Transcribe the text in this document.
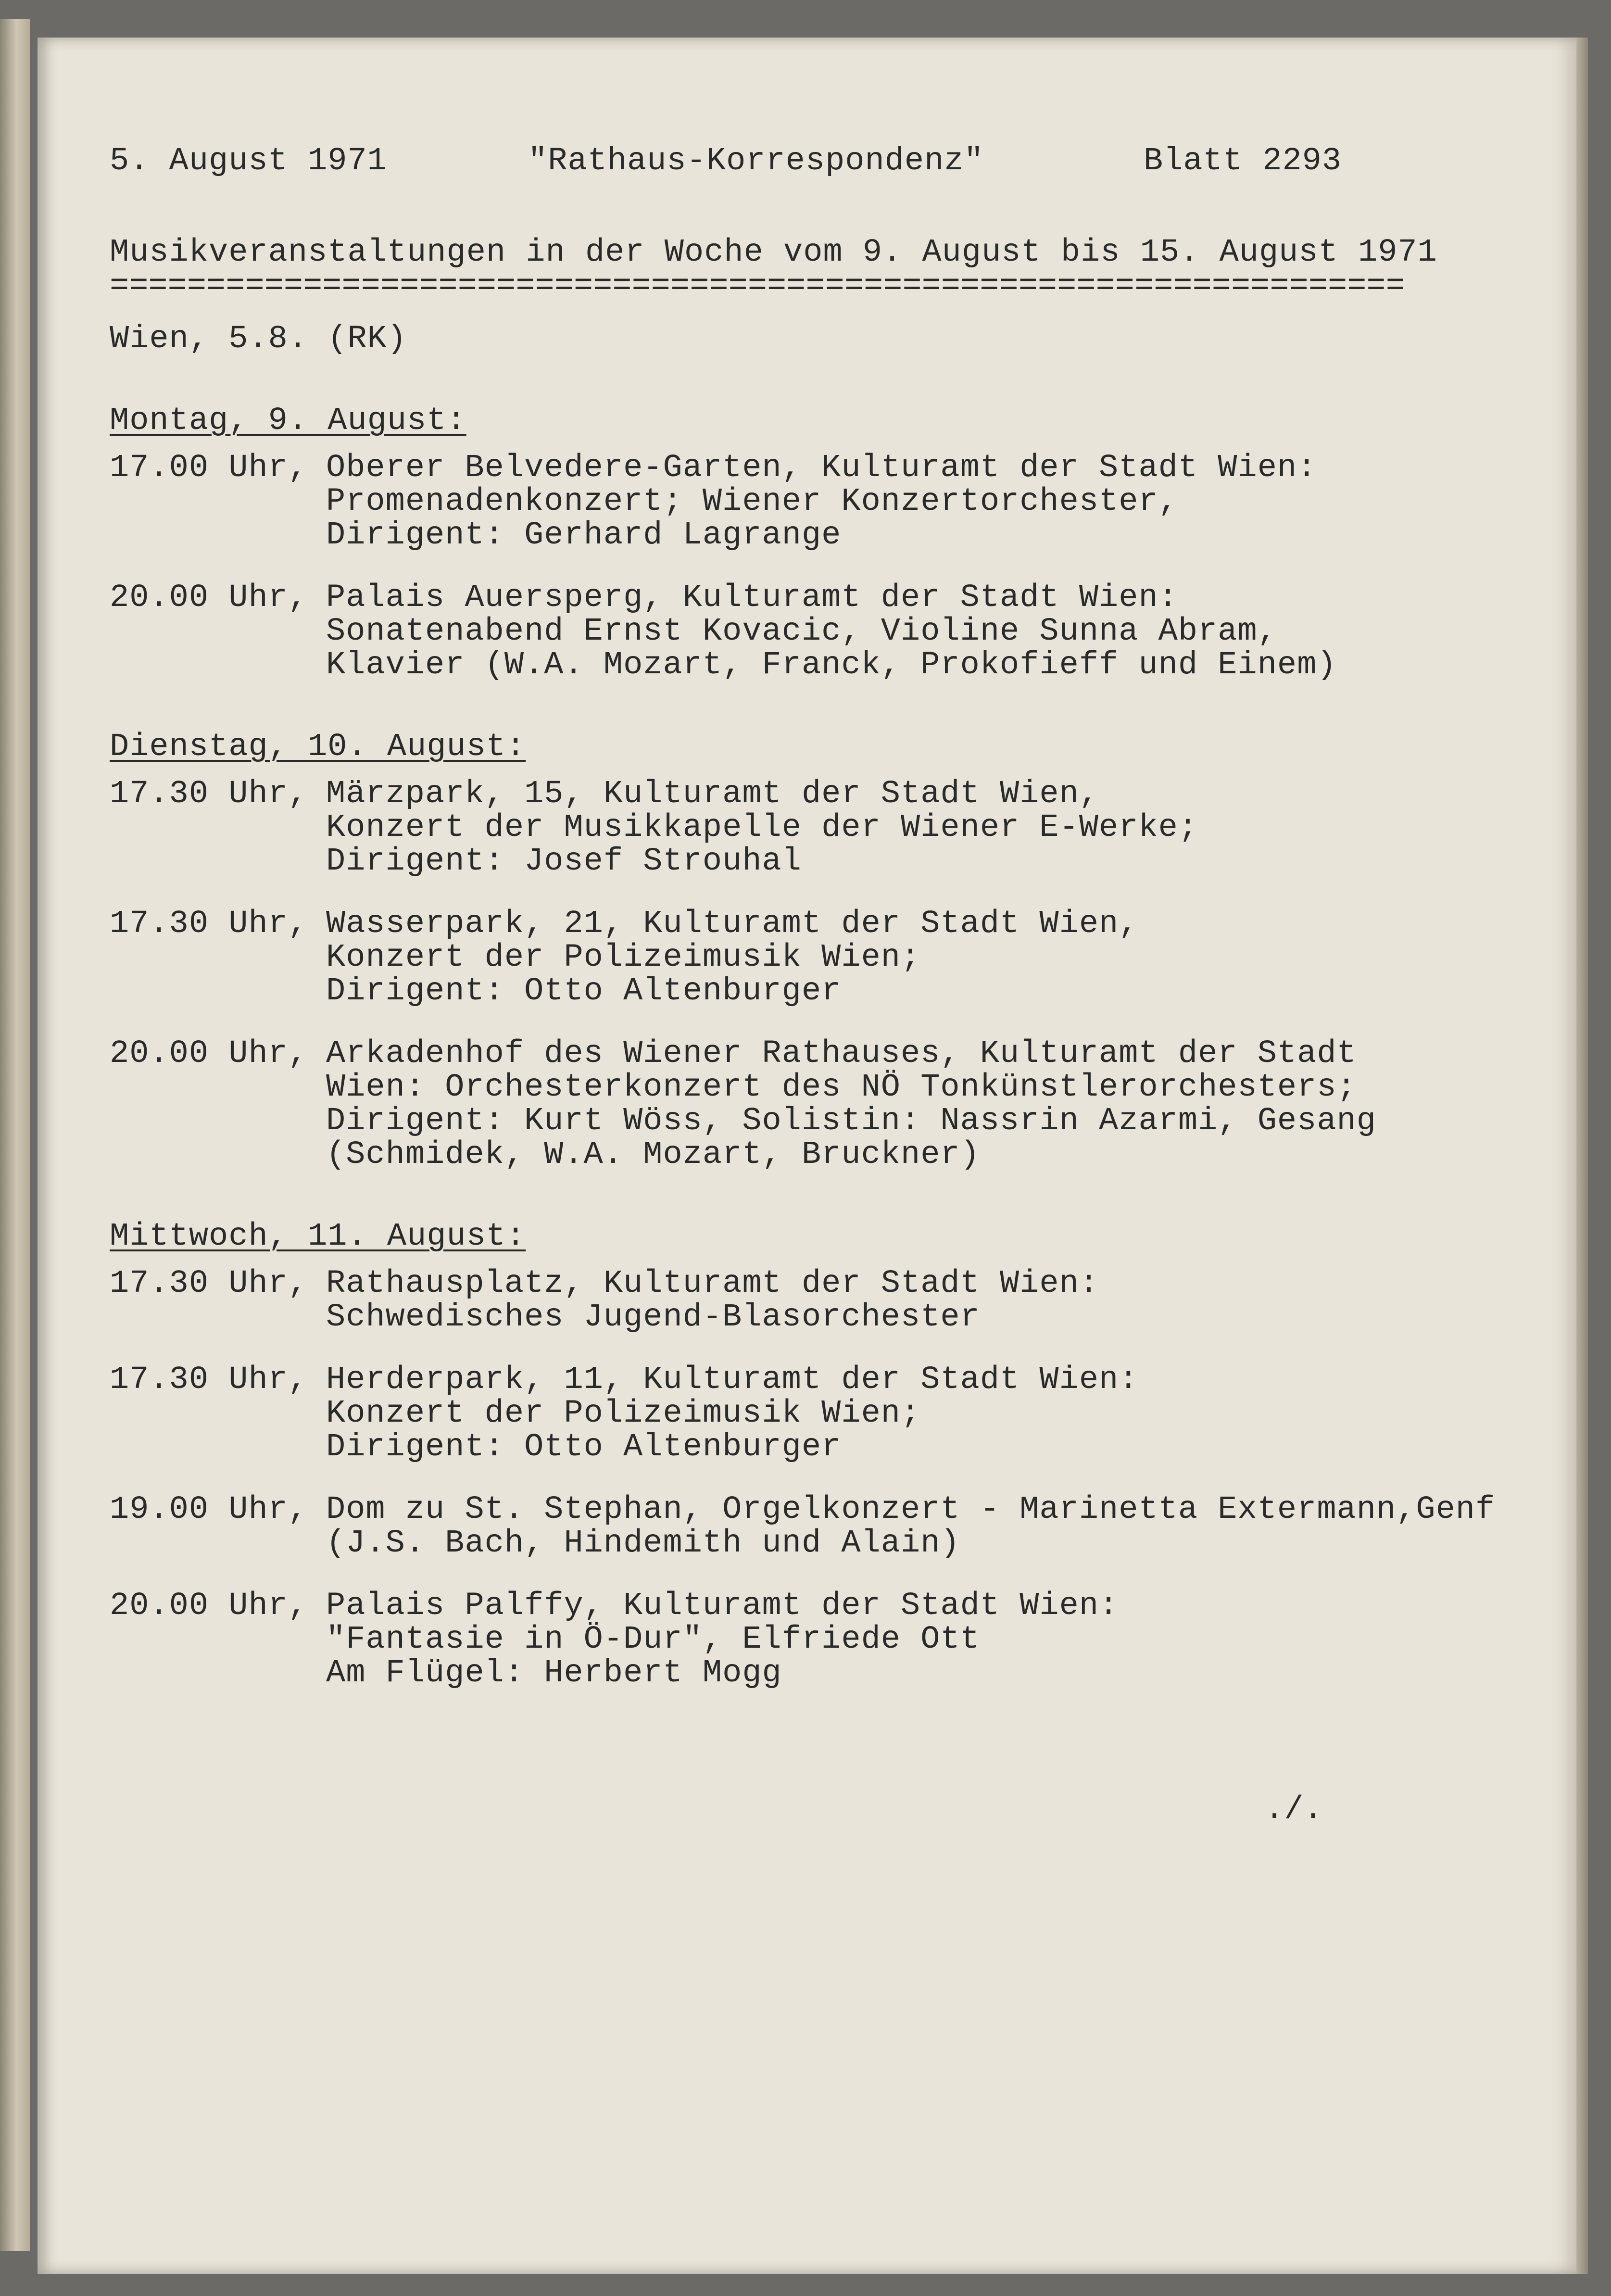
5. August 1971	"Rathaus-Korrespondenz"	Blatt 2293
Musikveranstaltungen in der Woche vom 9. August bis 15. August 1971
===================================================================
Wien, 5.8. (RK)
Montag, 9. August:
17.00 Uhr, Oberer Belvedere-Garten, Kulturamt der Stadt Wien:
Promenadenkonzert; Wiener Konzertorchester,
Dirigent: Gerhard Lagrange
20.00 Uhr, Palais Auersperg, Kulturamt der Stadt Wien:
Sonatenabend Ernst Kovacic, Violine Sunna Abram,
Klavier (W.A. Mozart, Franck, Prokofieff und Einem)
Dienstag, 10. August:
17.30 Uhr, Märzpark, 15, Kulturamt der Stadt Wien,
Konzert der Musikkapelle der Wiener E-Werke;
Dirigent: Josef Strouhal
17.30 Uhr, Wasserpark, 21, Kulturamt der Stadt Wien,
Konzert der Polizeimusik Wien;
Dirigent: Otto Altenburger
20.00 Uhr, Arkadenhof des Wiener Rathauses, Kulturamt der Stadt
Wien: Orchesterkonzert des NÖ Tonkünstlerorchesters;
Dirigent: Kurt Wöss, Solistin: Nassrin Azarmi, Gesang
(Schmidek, W.A. Mozart, Bruckner)
Mittwoch, 11. August:
17.30 Uhr, Rathausplatz, Kulturamt der Stadt Wien:
Schwedisches Jugend-Blasorchester
17.30 Uhr, Herderpark, 11, Kulturamt der Stadt Wien:
Konzert der Polizeimusik Wien;
Dirigent: Otto Altenburger
19.00 Uhr, Dom zu St. Stephan, Orgelkonzert - Marinetta Extermann,Genf
(J.S. Bach, Hindemith und Alain)
20.00 Uhr, Palais Palffy, Kulturamt der Stadt Wien:
"Fantasie in Ö-Dur", Elfriede Ott
Am Flügel: Herbert Mogg
./.
